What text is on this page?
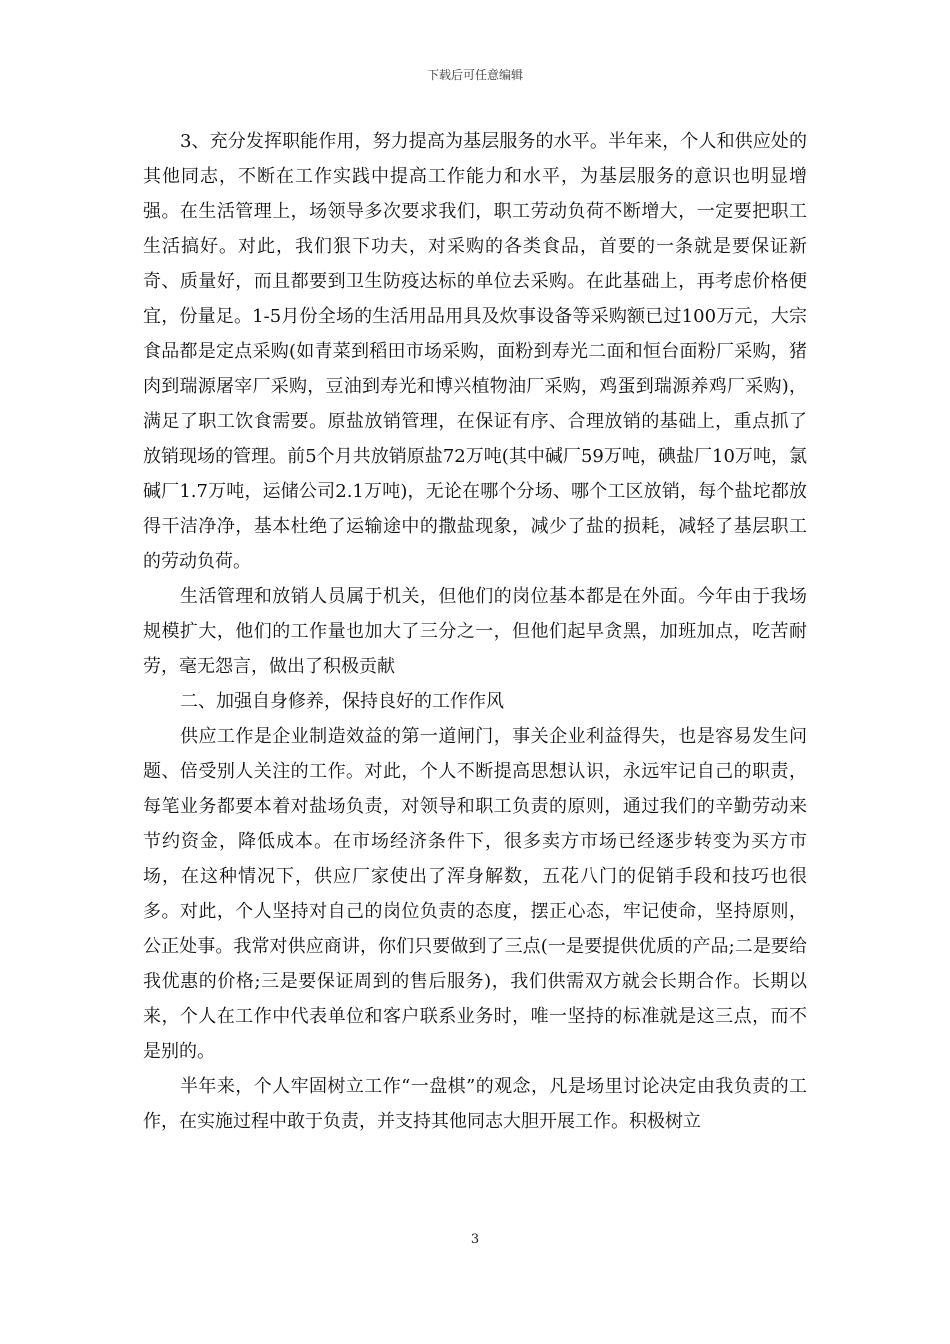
下载后可任意编辑

3、充分发挥职能作用，努力提高为基层服务的水平。半年来，个人和供应处的其他同志，不断在工作实践中提高工作能力和水平，为基层服务的意识也明显增强。在生活管理上，场领导多次要求我们，职工劳动负荷不断增大，一定要把职工生活搞好。对此，我们狠下功夫，对采购的各类食品，首要的一条就是要保证新奇、质量好，而且都要到卫生防疫达标的单位去采购。在此基础上，再考虑价格便宜，份量足。1-5月份全场的生活用品用具及炊事设备等采购额已过100万元，大宗食品都是定点采购(如青菜到稻田市场采购，面粉到寿光二面和恒台面粉厂采购，猪肉到瑞源屠宰厂采购，豆油到寿光和博兴植物油厂采购，鸡蛋到瑞源养鸡厂采购)，满足了职工饮食需要。原盐放销管理，在保证有序、合理放销的基础上，重点抓了放销现场的管理。前5个月共放销原盐72万吨(其中碱厂59万吨，碘盐厂10万吨，氯碱厂1.7万吨，运储公司2.1万吨)，无论在哪个分场、哪个工区放销，每个盐坨都放得干洁净净，基本杜绝了运输途中的撒盐现象，减少了盐的损耗，减轻了基层职工的劳动负荷。

生活管理和放销人员属于机关，但他们的岗位基本都是在外面。今年由于我场规模扩大，他们的工作量也加大了三分之一，但他们起早贪黑，加班加点，吃苦耐劳，毫无怨言，做出了积极贡献

二、加强自身修养，保持良好的工作作风

供应工作是企业制造效益的第一道闸门，事关企业利益得失，也是容易发生问题、倍受别人关注的工作。对此，个人不断提高思想认识，永远牢记自己的职责，每笔业务都要本着对盐场负责，对领导和职工负责的原则，通过我们的辛勤劳动来节约资金，降低成本。在市场经济条件下，很多卖方市场已经逐步转变为买方市场，在这种情况下，供应厂家使出了浑身解数，五花八门的促销手段和技巧也很多。对此，个人坚持对自己的岗位负责的态度，摆正心态，牢记使命，坚持原则，公正处事。我常对供应商讲，你们只要做到了三点(一是要提供优质的产品;二是要给我优惠的价格;三是要保证周到的售后服务)，我们供需双方就会长期合作。长期以来，个人在工作中代表单位和客户联系业务时，唯一坚持的标准就是这三点，而不是别的。

半年来，个人牢固树立工作“一盘棋”的观念，凡是场里讨论决定由我负责的工作，在实施过程中敢于负责，并支持其他同志大胆开展工作。积极树立

3
